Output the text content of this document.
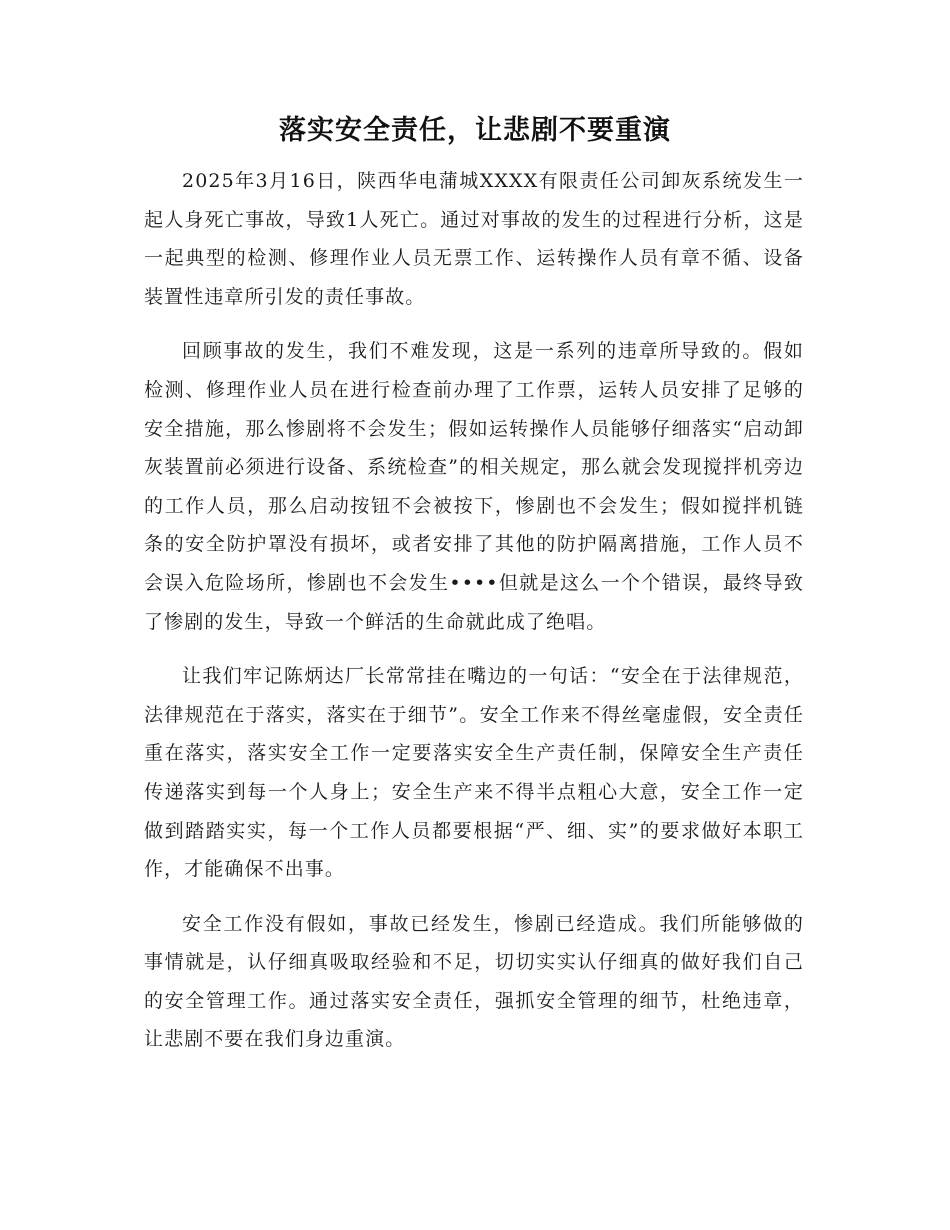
落实安全责任，让悲剧不要重演

2025年3月16日，陕西华电蒲城XXXX有限责任公司卸灰系统发生一起人身死亡事故，导致1人死亡。通过对事故的发生的过程进行分析，这是一起典型的检测、修理作业人员无票工作、运转操作人员有章不循、设备装置性违章所引发的责任事故。

回顾事故的发生，我们不难发现，这是一系列的违章所导致的。假如检测、修理作业人员在进行检查前办理了工作票，运转人员安排了足够的安全措施，那么惨剧将不会发生；假如运转操作人员能够仔细落实“启动卸灰装置前必须进行设备、系统检查”的相关规定，那么就会发现搅拌机旁边的工作人员，那么启动按钮不会被按下，惨剧也不会发生；假如搅拌机链条的安全防护罩没有损坏，或者安排了其他的防护隔离措施，工作人员不会误入危险场所，惨剧也不会发生••••但就是这么一个个错误，最终导致了惨剧的发生，导致一个鲜活的生命就此成了绝唱。

让我们牢记陈炳达厂长常常挂在嘴边的一句话：“安全在于法律规范，法律规范在于落实，落实在于细节”。安全工作来不得丝毫虚假，安全责任重在落实，落实安全工作一定要落实安全生产责任制，保障安全生产责任传递落实到每一个人身上；安全生产来不得半点粗心大意，安全工作一定做到踏踏实实，每一个工作人员都要根据“严、细、实”的要求做好本职工作，才能确保不出事。

安全工作没有假如，事故已经发生，惨剧已经造成。我们所能够做的事情就是，认仔细真吸取经验和不足，切切实实认仔细真的做好我们自己的安全管理工作。通过落实安全责任，强抓安全管理的细节，杜绝违章，让悲剧不要在我们身边重演。
